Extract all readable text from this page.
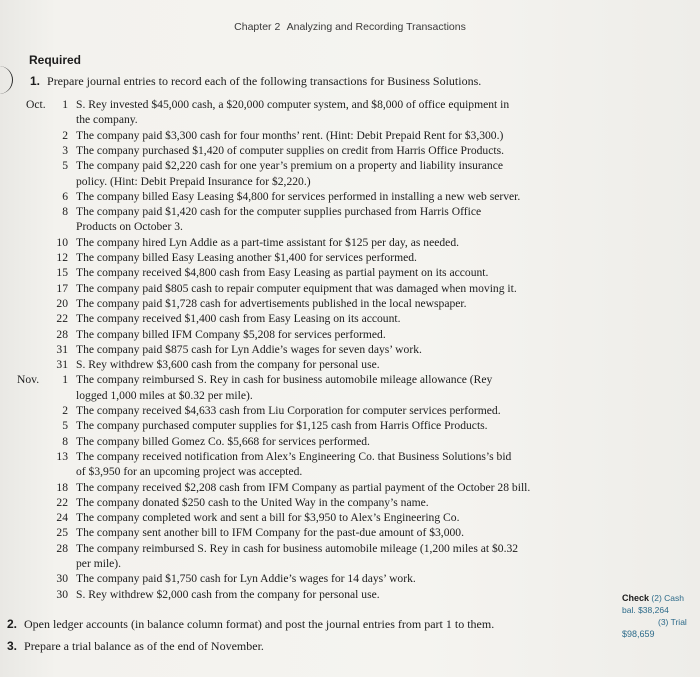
Chapter 2 Analyzing and Recording Transactions
Required
1. Prepare journal entries to record each of the following transactions for Business Solutions.
Oct.	1 S. Rey invested $45,000 cash, a $20,000 computer system, and $8,000 of office equipment in
the company.
2 The company paid $3,300 cash for four months’ rent. (Hint: Debit Prepaid Rent for $3,300.)
3 The company purchased $1,420 of computer supplies on credit from Harris Office Products.
5 The company paid $2,220 cash for one year’s premium on a property and liability insurance
policy. (Hint: Debit Prepaid Insurance for $2,220.)
6 The company billed Easy Leasing $4,800 for services performed in installing a new web server.
8 The company paid $1,420 cash for the computer supplies purchased from Harris Office
Products on October 3.
10 The company hired Lyn Addie as a part-time assistant for $125 per day, as needed.
12 The company billed Easy Leasing another $1,400 for services performed.
15 The company received $4,800 cash from Easy Leasing as partial payment on its account.
17 The company paid $805 cash to repair computer equipment that was damaged when moving it.
20 The company paid $1,728 cash for advertisements published in the local newspaper.
22 The company received $1,400 cash from Easy Leasing on its account.
28 The company billed IFM Company $5,208 for services performed.
31 The company paid $875 cash for Lyn Addie’s wages for seven days’ work.
31 S. Rey withdrew $3,600 cash from the company for personal use.
Nov.	1 The company reimbursed S. Rey in cash for business automobile mileage allowance (Rey
logged 1,000 miles at $0.32 per mile).
2 The company received $4,633 cash from Liu Corporation for computer services performed.
5 The company purchased computer supplies for $1,125 cash from Harris Office Products.
8 The company billed Gomez Co. $5,668 for services performed.
13 The company received notification from Alex’s Engineering Co. that Business Solutions’s bid
of $3,950 for an upcoming project was accepted.
18 The company received $2,208 cash from IFM Company as partial payment of the October 28 bill.
22 The company donated $250 cash to the United Way in the company’s name.
24 The company completed work and sent a bill for $3,950 to Alex’s Engineering Co.
25 The company sent another bill to IFM Company for the past-due amount of $3,000.
28 The company reimbursed S. Rey in cash for business automobile mileage (1,200 miles at $0.32
per mile).
30 The company paid $1,750 cash for Lyn Addie’s wages for 14 days’ work.
30 S. Rey withdrew $2,000 cash from the company for personal use.
2. Open ledger accounts (in balance column format) and post the journal entries from part 1 to them.
3. Prepare a trial balance as of the end of November.
Check (2) Cash
bal. $38,264
(3) Trial
$98,659
